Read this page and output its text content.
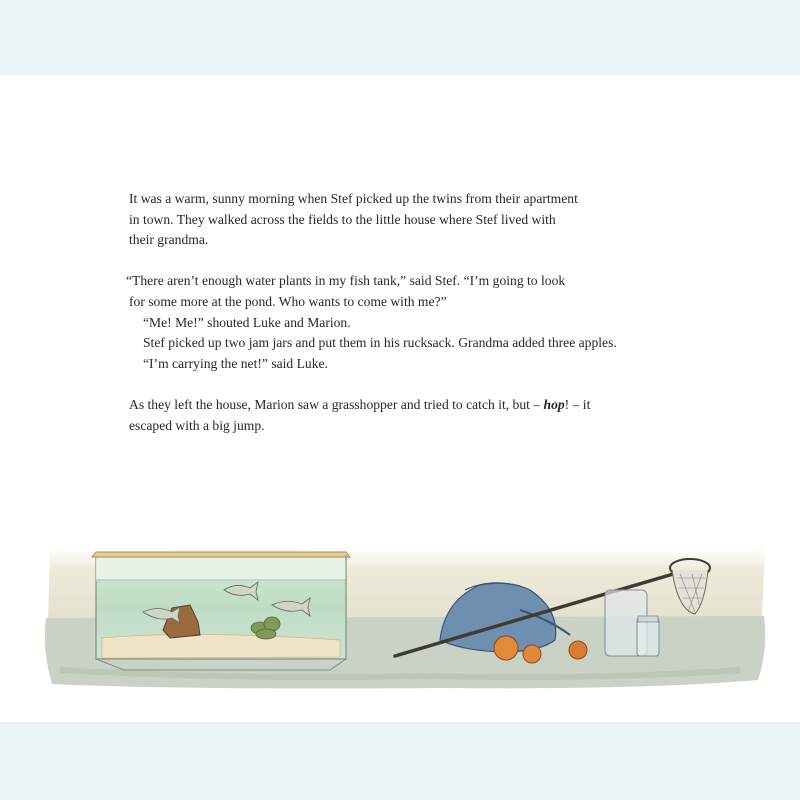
It was a warm, sunny morning when Stef picked up the twins from their apartment
in town. They walked across the fields to the little house where Stef lived with
their grandma.

“There aren’t enough water plants in my fish tank,” said Stef. “I’m going to look
for some more at the pond. Who wants to come with me?”
“Me! Me!” shouted Luke and Marion.
Stef picked up two jam jars and put them in his rucksack. Grandma added three apples.
“I’m carrying the net!” said Luke.

As they left the house, Marion saw a grasshopper and tried to catch it, but – hop! – it
escaped with a big jump.
